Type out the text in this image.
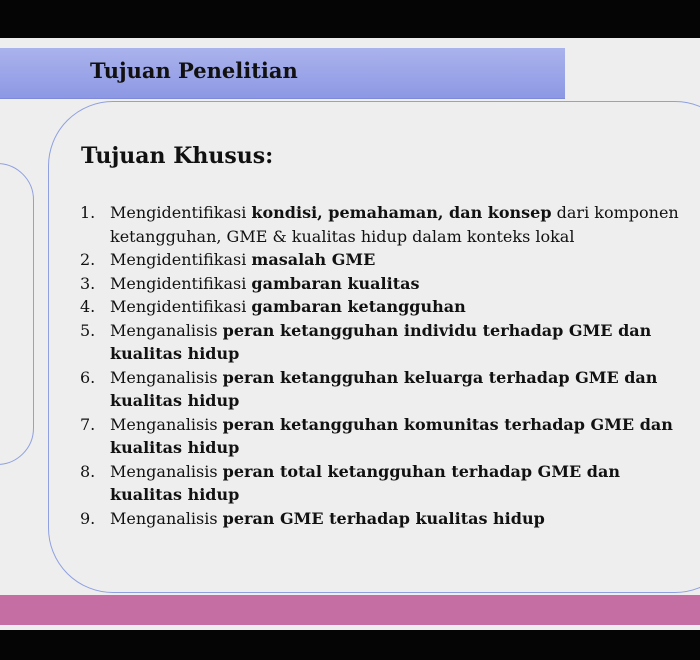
Tujuan Penelitian
Tujuan Khusus:
1. Mengidentifikasi kondisi, pemahaman, dan konsep dari komponen ketangguhan, GME & kualitas hidup dalam konteks lokal
2. Mengidentifikasi masalah GME
3. Mengidentifikasi gambaran kualitas
4. Mengidentifikasi gambaran ketangguhan
5. Menganalisis peran ketangguhan individu terhadap GME dan kualitas hidup
6. Menganalisis peran ketangguhan keluarga terhadap GME dan kualitas hidup
7. Menganalisis peran ketangguhan komunitas terhadap GME dan kualitas hidup
8. Menganalisis peran total ketangguhan terhadap GME dan kualitas hidup
9. Menganalisis peran GME terhadap kualitas hidup
